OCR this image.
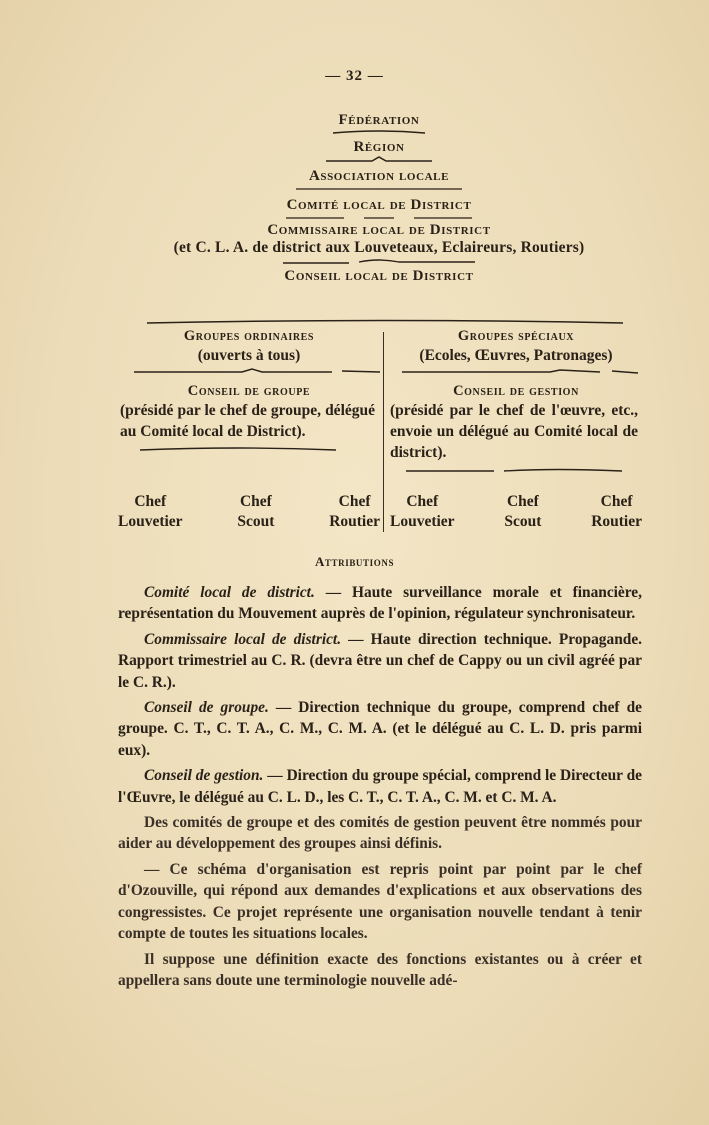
— 32 —
Fédération
Région
Association locale
Comité local de District
Commissaire local de District
(et C. L. A. de district aux Louveteaux, Eclaireurs, Routiers)
Conseil local de District
Groupes ordinaires
(ouverts à tous)
Conseil de groupe
(présidé par le chef de groupe, délégué au Comité local de District).
Chef
Louvetier
Chef
Scout
Chef
Routier
Groupes spéciaux
(Ecoles, Œuvres, Patronages)
Conseil de gestion
(présidé par le chef de l'œuvre, etc., envoie un délégué au Comité local de district).
Chef
Louvetier
Chef
Scout
Chef
Routier
Attributions

Comité local de district. — Haute surveillance morale et financière, représentation du Mouvement auprès de l'opinion, régulateur synchronisateur.

Commissaire local de district. — Haute direction technique. Propagande. Rapport trimestriel au C. R. (devra être un chef de Cappy ou un civil agréé par le C. R.).

Conseil de groupe. — Direction technique du groupe, comprend chef de groupe. C. T., C. T. A., C. M., C. M. A. (et le délégué au C. L. D. pris parmi eux).

Conseil de gestion. — Direction du groupe spécial, comprend le Directeur de l'Œuvre, le délégué au C. L. D., les C. T., C. T. A., C. M. et C. M. A.

Des comités de groupe et des comités de gestion peuvent être nommés pour aider au développement des groupes ainsi définis.

— Ce schéma d'organisation est repris point par point par le chef d'Ozouville, qui répond aux demandes d'explications et aux observations des congressistes. Ce projet représente une organisation nouvelle tendant à tenir compte de toutes les situations locales.

Il suppose une définition exacte des fonctions existantes ou à créer et appellera sans doute une terminologie nouvelle adé-
